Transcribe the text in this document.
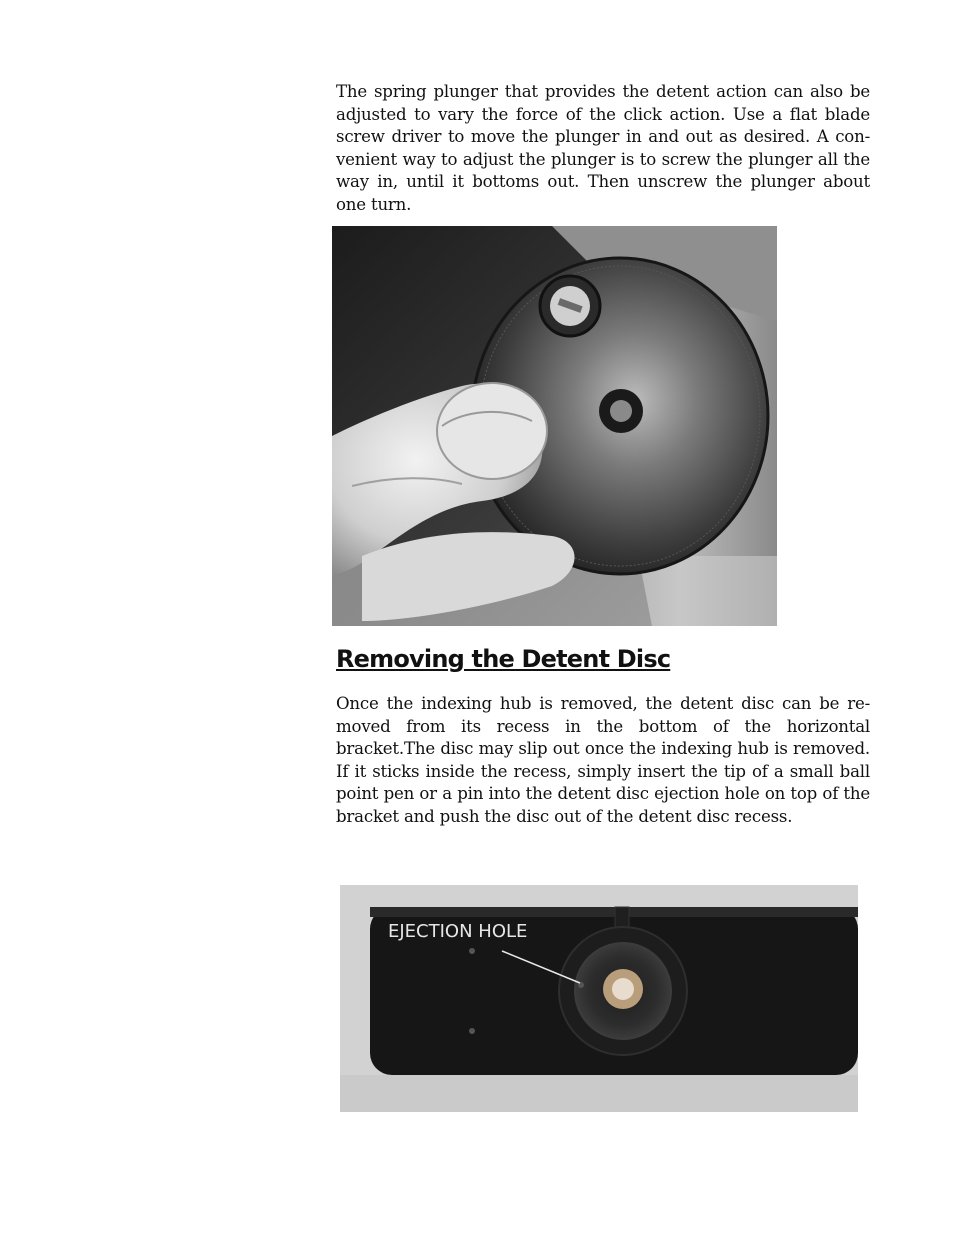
The spring plunger that provides the detent action can also be adjusted to vary the force of the click action. Use a flat blade screw driver to move the plunger in and out as desired. A con-venient way to adjust the plunger is to screw the plunger all the way in, until it bottoms out. Then unscrew the plunger about one turn.

Removing the Detent Disc

Once the indexing hub is removed, the detent disc can be re-moved from its recess in the bottom of the horizontal bracket.The disc may slip out once the indexing hub is removed. If it sticks inside the recess, simply insert the tip of a small ball point pen or a pin into the detent disc ejection hole on top of the bracket and push the disc out of the detent disc recess.

EJECTION HOLE
